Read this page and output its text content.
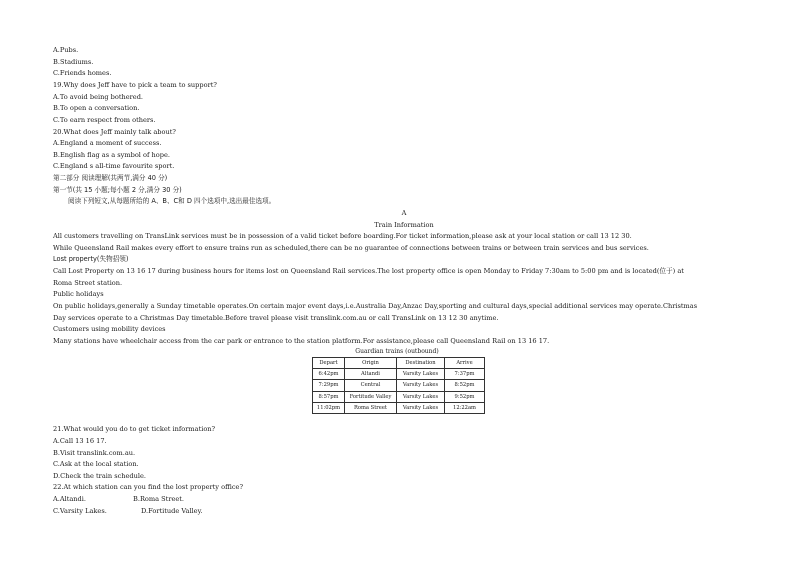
A.Pubs.
B.Stadiums.
C.Friends homes.
19.Why does Jeff have to pick a team to support?
A.To avoid being bothered.
B.To open a conversation.
C.To earn respect from others.
20.What does Jeff mainly talk about?
A.England a moment of success.
B.English flag as a symbol of hope.
C.England s all-time favourite sport.
第二部分 阅读理解(共两节,满分 40 分)
第一节(共 15 小题;每小题 2 分,满分 30 分)
阅读下列短文,从每题所给的 A、B、C和 D 四个选项中,选出最佳选项。
A
Train Information
All customers travelling on TransLink services must be in possession of a valid ticket before boarding.For ticket information,please ask at your local station or call 13 12 30.
While Queensland Rail makes every effort to ensure trains run as scheduled,there can be no guarantee of connections between trains or between train services and bus services.
Lost property(失物招领)
Call Lost Property on 13 16 17 during business hours for items lost on Queensland Rail services.The lost property office is open Monday to Friday 7:30am to 5:00 pm and is located(位于) at
Roma Street station.
Public holidays
On public holidays,generally a Sunday timetable operates.On certain major event days,i.e.Australia Day,Anzac Day,sporting and cultural days,special additional services may operate.Christmas
Day services operate to a Christmas Day timetable.Before travel please visit translink.com.au or call TransLink on 13 12 30 anytime.
Customers using mobility devices
Many stations have wheelchair access from the car park or entrance to the station platform.For assistance,please call Queensland Rail on 13 16 17.
Guardian trains (outbound)
Depart	Origin	Destination	Arrive
6:42pm	Altandi	Varsity Lakes	7:37pm
7:29pm	Central	Varsity Lakes	8:52pm
8:57pm	Fortitude Valley	Varsity Lakes	9:52pm
11:02pm	Roma Street	Varsity Lakes	12:22am
21.What would you do to get ticket information?
A.Call 13 16 17.
B.Visit translink.com.au.
C.Ask at the local station.
D.Check the train schedule.
22.At which station can you find the lost property office?
A.Altandi.	B.Roma Street.
C.Varsity Lakes.	D.Fortitude Valley.
